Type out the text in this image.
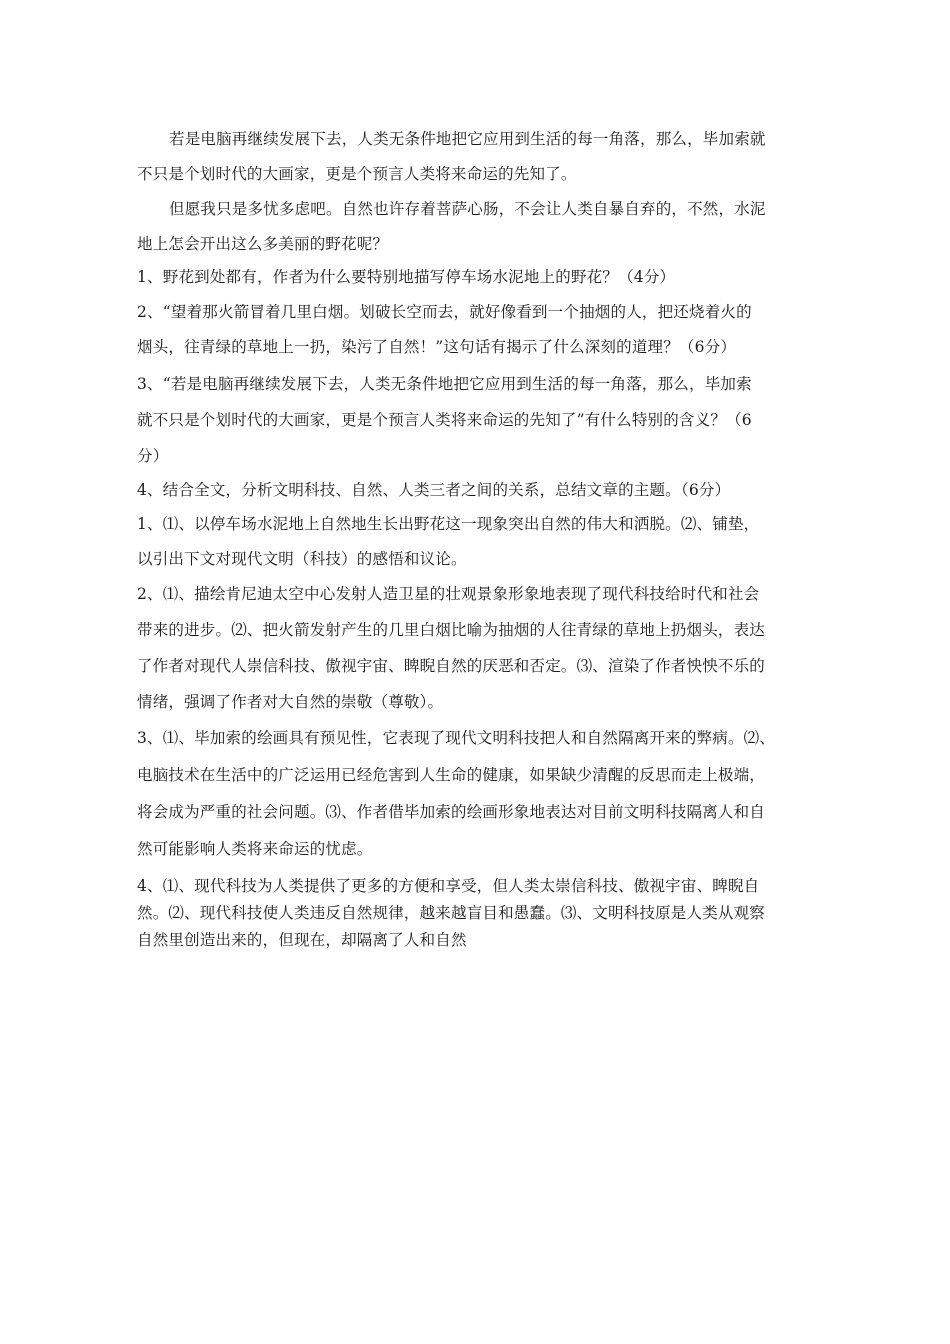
若是电脑再继续发展下去，人类无条件地把它应用到生活的每一角落，那么，毕加索就
不只是个划时代的大画家，更是个预言人类将来命运的先知了。
但愿我只是多忧多虑吧。自然也许存着菩萨心肠，不会让人类自暴自弃的，不然，水泥
地上怎会开出这么多美丽的野花呢？
1、野花到处都有，作者为什么要特别地描写停车场水泥地上的野花？（4分）
2、“望着那火箭冒着几里白烟。划破长空而去，就好像看到一个抽烟的人，把还烧着火的
烟头，往青绿的草地上一扔，染污了自然！”这句话有揭示了什么深刻的道理？（6分）
3、“若是电脑再继续发展下去，人类无条件地把它应用到生活的每一角落，那么，毕加索
就不只是个划时代的大画家，更是个预言人类将来命运的先知了”有什么特别的含义？（6
分）
4、结合全文，分析文明科技、自然、人类三者之间的关系，总结文章的主题。（6分）
1、⑴、以停车场水泥地上自然地生长出野花这一现象突出自然的伟大和洒脱。⑵、铺垫，
以引出下文对现代文明（科技）的感悟和议论。
2、⑴、描绘肯尼迪太空中心发射人造卫星的壮观景象形象地表现了现代科技给时代和社会
带来的进步。⑵、把火箭发射产生的几里白烟比喻为抽烟的人往青绿的草地上扔烟头，表达
了作者对现代人崇信科技、傲视宇宙、睥睨自然的厌恶和否定。⑶、渲染了作者怏怏不乐的
情绪，强调了作者对大自然的崇敬（尊敬）。
3、⑴、毕加索的绘画具有预见性，它表现了现代文明科技把人和自然隔离开来的弊病。⑵、
电脑技术在生活中的广泛运用已经危害到人生命的健康，如果缺少清醒的反思而走上极端，
将会成为严重的社会问题。⑶、作者借毕加索的绘画形象地表达对目前文明科技隔离人和自
然可能影响人类将来命运的忧虑。
4、⑴、现代科技为人类提供了更多的方便和享受，但人类太崇信科技、傲视宇宙、睥睨自
然。⑵、现代科技使人类违反自然规律，越来越盲目和愚蠢。⑶、文明科技原是人类从观察
自然里创造出来的，但现在，却隔离了人和自然
